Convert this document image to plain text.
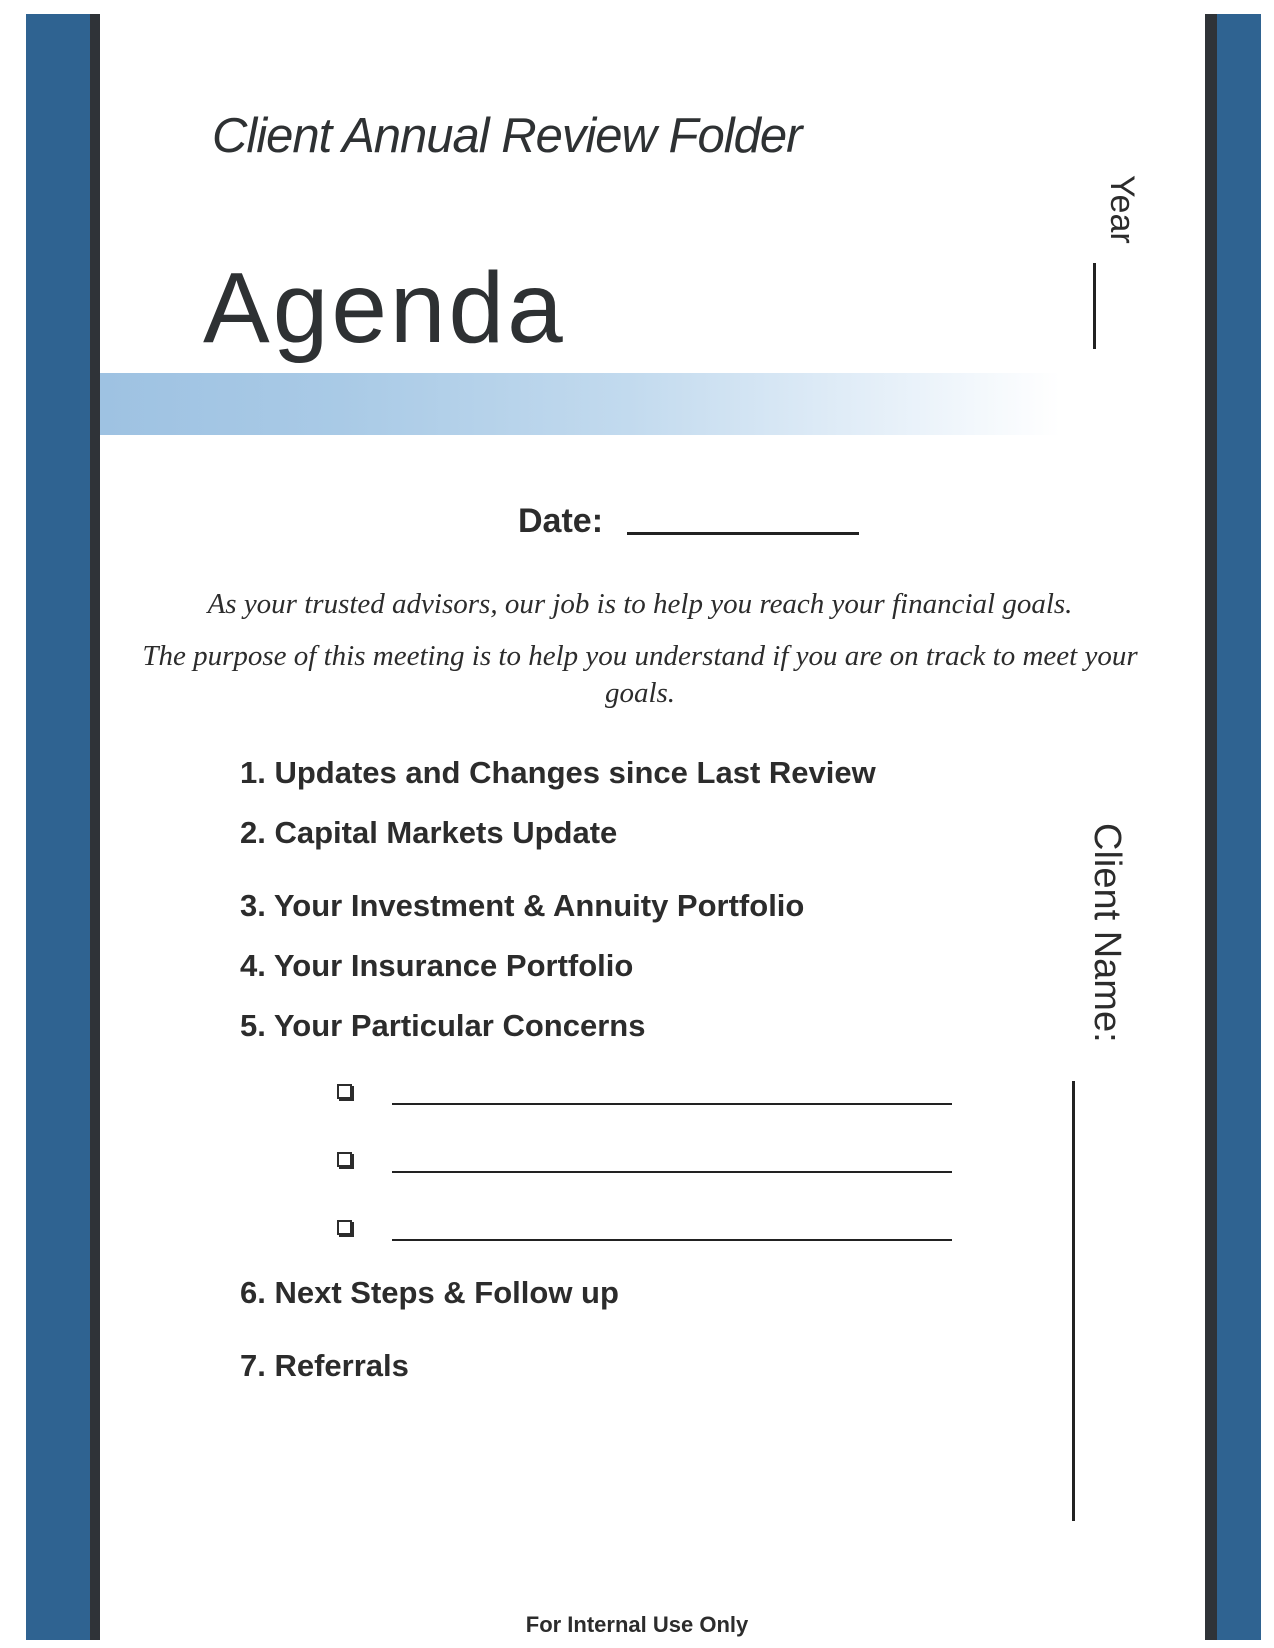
Client Annual Review Folder
Agenda
Date:

As your trusted advisors, our job is to help you reach your financial goals.

The purpose of this meeting is to help you understand if you are on track to meet your goals.

1. Updates and Changes since Last Review
2. Capital Markets Update
3. Your Investment & Annuity Portfolio
4. Your Insurance Portfolio
5. Your Particular Concerns
6. Next Steps & Follow up
7. Referrals
Year
Client Name:
For Internal Use Only
